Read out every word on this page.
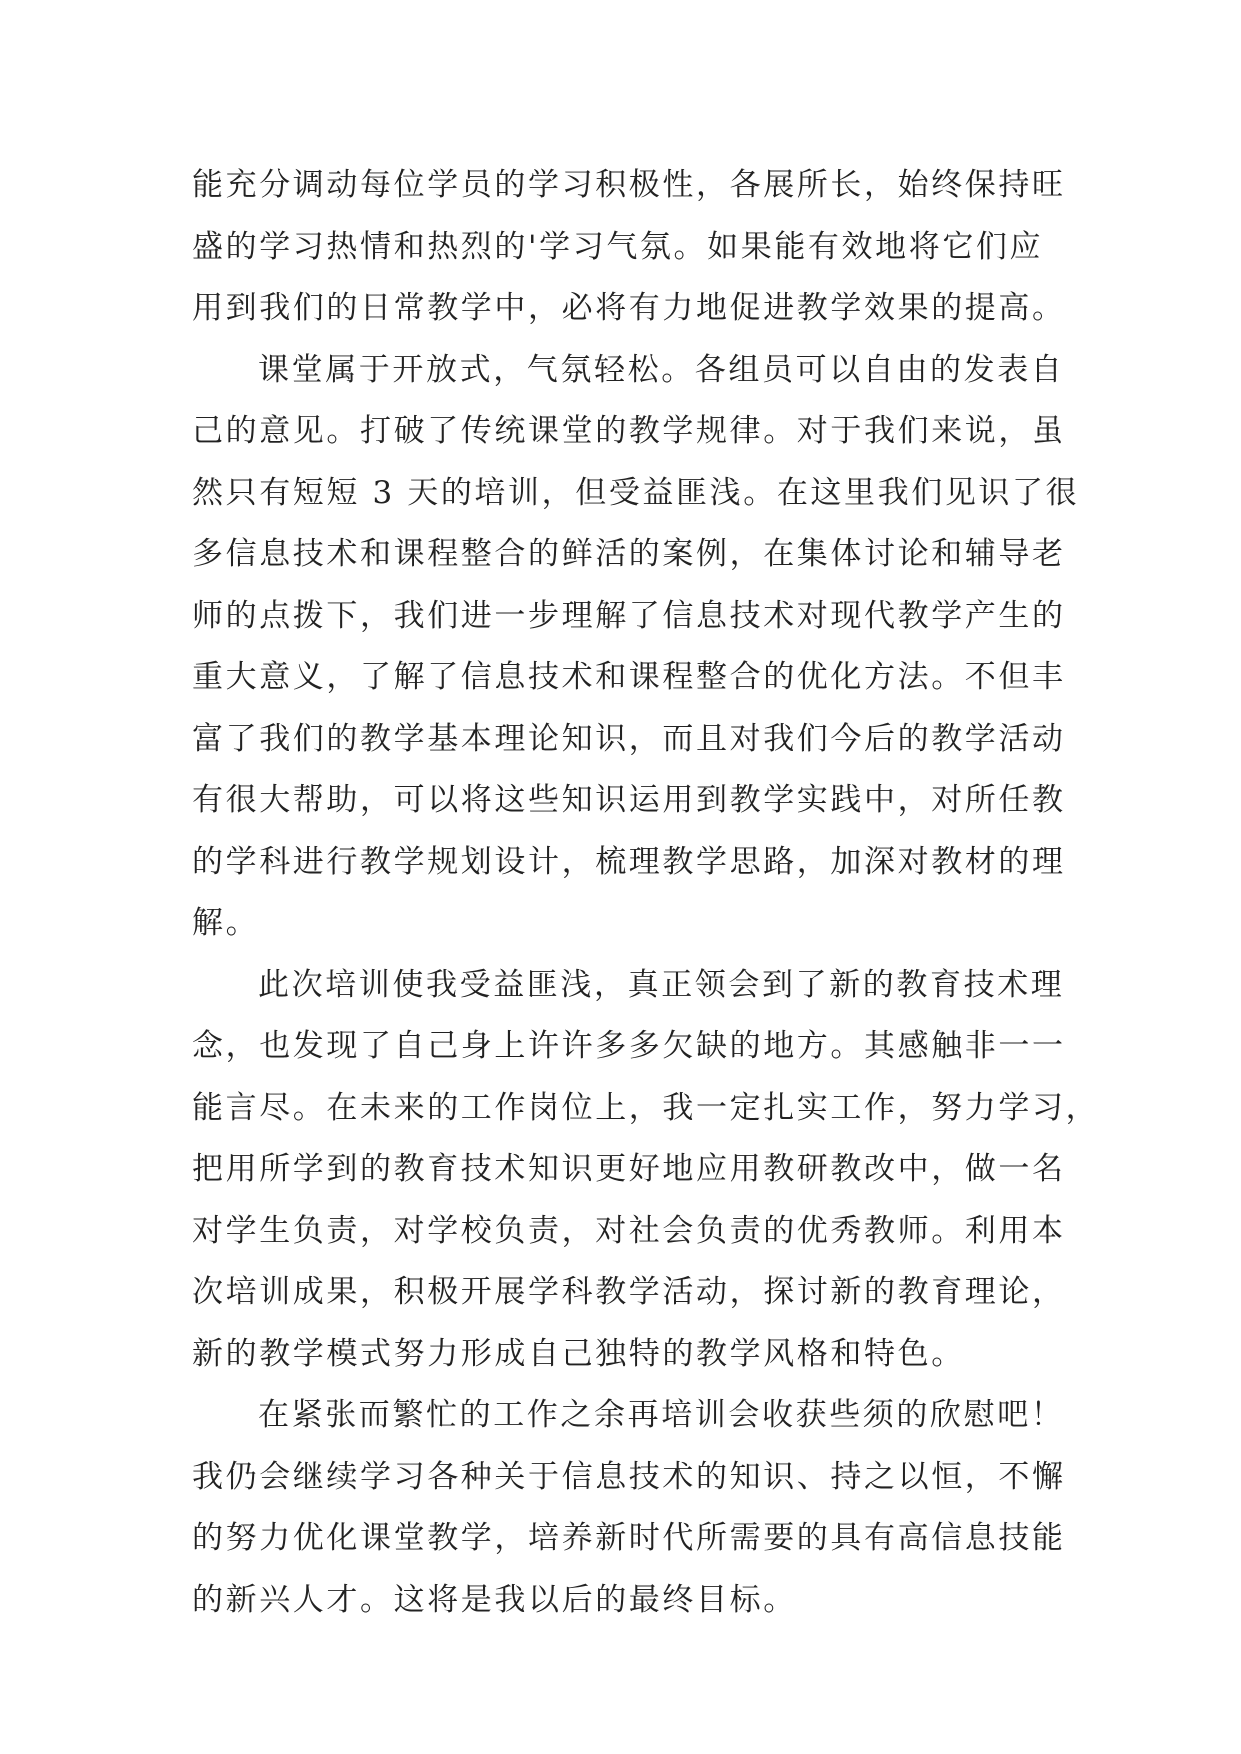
能充分调动每位学员的学习积极性，各展所长，始终保持旺
盛的学习热情和热烈的'学习气氛。如果能有效地将它们应
用到我们的日常教学中，必将有力地促进教学效果的提高。
课堂属于开放式，气氛轻松。各组员可以自由的发表自
己的意见。打破了传统课堂的教学规律。对于我们来说，虽
然只有短短 3 天的培训，但受益匪浅。在这里我们见识了很
多信息技术和课程整合的鲜活的案例，在集体讨论和辅导老
师的点拨下，我们进一步理解了信息技术对现代教学产生的
重大意义，了解了信息技术和课程整合的优化方法。不但丰
富了我们的教学基本理论知识，而且对我们今后的教学活动
有很大帮助，可以将这些知识运用到教学实践中，对所任教
的学科进行教学规划设计，梳理教学思路，加深对教材的理
解。
此次培训使我受益匪浅，真正领会到了新的教育技术理
念，也发现了自己身上许许多多欠缺的地方。其感触非一一
能言尽。在未来的工作岗位上，我一定扎实工作，努力学习，
把用所学到的教育技术知识更好地应用教研教改中，做一名
对学生负责，对学校负责，对社会负责的优秀教师。利用本
次培训成果，积极开展学科教学活动，探讨新的教育理论，
新的教学模式努力形成自己独特的教学风格和特色。
在紧张而繁忙的工作之余再培训会收获些须的欣慰吧！
我仍会继续学习各种关于信息技术的知识、持之以恒，不懈
的努力优化课堂教学，培养新时代所需要的具有高信息技能
的新兴人才。这将是我以后的最终目标。
